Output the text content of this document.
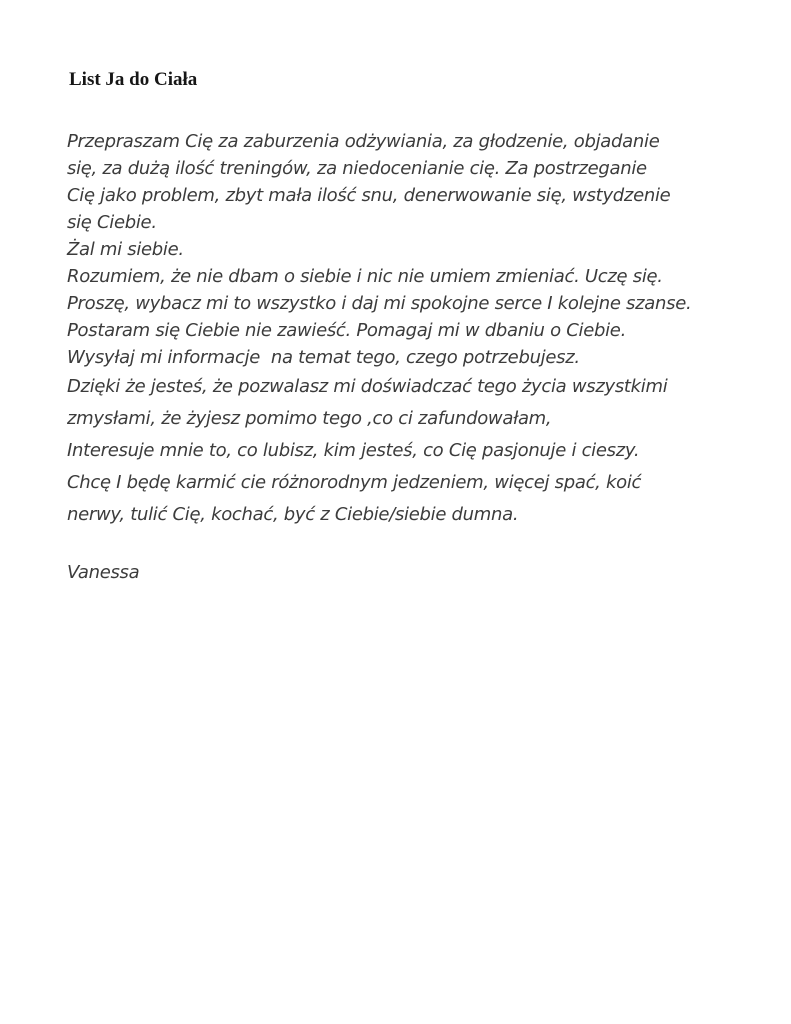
List Ja do Ciała
Przepraszam Cię za zaburzenia odżywiania, za głodzenie, objadanie
się, za dużą ilość treningów, za niedocenianie cię. Za postrzeganie
Cię jako problem, zbyt mała ilość snu, denerwowanie się, wstydzenie
się Ciebie.
Żal mi siebie.
Rozumiem, że nie dbam o siebie i nic nie umiem zmieniać. Uczę się.
Proszę, wybacz mi to wszystko i daj mi spokojne serce I kolejne szanse.
Postaram się Ciebie nie zawieść. Pomagaj mi w dbaniu o Ciebie.
Wysyłaj mi informacje  na temat tego, czego potrzebujesz.
Dzięki że jesteś, że pozwalasz mi doświadczać tego życia wszystkimi
zmysłami, że żyjesz pomimo tego ,co ci zafundowałam,
Interesuje mnie to, co lubisz, kim jesteś, co Cię pasjonuje i cieszy.
Chcę I będę karmić cie różnorodnym jedzeniem, więcej spać, koić
nerwy, tulić Cię, kochać, być z Ciebie/siebie dumna.
Vanessa
